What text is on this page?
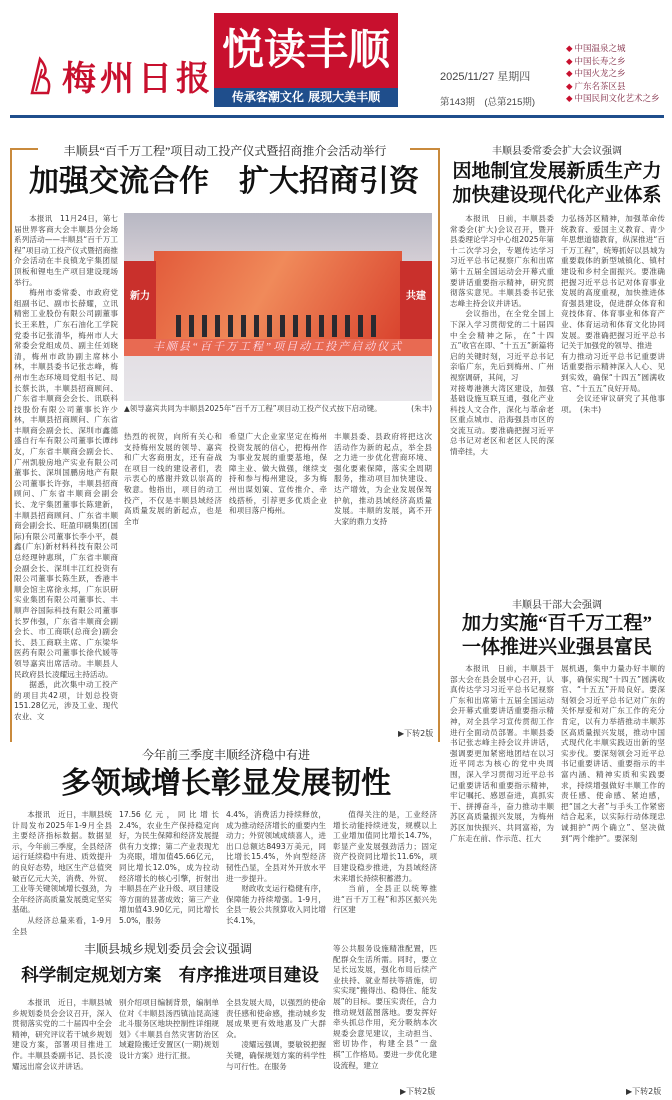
梅州日报
悦读丰顺
传承客潮文化 展现大美丰顺
2025/11/27 星期四
第143期　(总第215期)
◆ 中国温泉之城
◆ 中国长寿之乡
◆ 中国火龙之乡
◆ 广东名茶区县
◆ 中国民间文化艺术之乡
丰顺县“百千万工程”项目动工投产仪式暨招商推介会活动举行
加强交流合作　扩大招商引资

本报讯　11月24日，第七届世界客商大会丰顺县分会场系列活动——丰顺县“百千万工程”项目动工投产仪式暨招商推介会活动在丰良镇龙宇集团屋顶板和锂电生产项目建设现场举行。

梅州市委常委、市政府党组副书记、副市长薛耀，立讯精密工业股份有限公司副董事长王来胜，广东石油化工学院党委书记张清华，梅州市人大常委会党组成员、副主任刘晓清，梅州市政协副主席林小林，丰顺县委书记张志峰，梅州市生态环境局党组书记、局长蔡长洪，丰顺县招商顾问、广东省丰顺商会会长、讯联科技股份有限公司董事长许少林，丰顺县招商顾问、广东省丰顺商会副会长、深圳市鑫德盛自行车有限公司董事长谭纬友，广东省丰顺商会副会长、广州凯骏房地产实业有限公司董事长、深圳国鹏房地产有限公司董事长许弥，丰顺县招商顾问、广东省丰顺商会副会长、龙宇集团董事长陈建新，丰顺县招商顾问、广东省丰顺商会副会长、旺盈印刷集团(国际)有限公司董事长李小平，晨鑫(广东)新材料科技有限公司总经理钟惠琪，广东省丰顺商会副会长、深圳丰江红投资有限公司董事长陈生跃，香港丰顺会馆主席徐永邦，广东识研实业集团有限公司董事长、丰顺声谷国际科技有限公司董事长罗伟强，广东省丰顺商会副会长、市工商联(总商会)副会长、县工商联主席、广东梁华医药有限公司董事长徐代媛等领导嘉宾出席活动。丰顺县人民政府县长凌耀远主持活动。

据悉，此次集中动工投产的项目共42项，计划总投资151.28亿元，涉及工业、现代农业、文

新力	共建
丰顺县“百千万工程”项目动工投产启动仪式
▲领导嘉宾共同为丰顺县2025年“百千万工程”项目动工投产仪式按下启动键。	(朱丰)

热烈的祝贺，向所有关心和支持梅州发展的领导、嘉宾和广大客商朋友，还有奋战在项目一线的建设者们，表示衷心的感谢并致以崇高的敬意。他指出，项目的动工投产，不仅是丰顺县域经济高质量发展的新起点，也是全市

希望广大企业家坚定在梅州投资发展的信心，把梅州作为事业发展的重要基地，保障主业、做大做强，继续支持和参与梅州建设，多为梅州出谋划策、宣传推介、牵线搭桥，引荐更多优质企业和项目落户梅州。

丰顺县委、县政府将把这次活动作为新的起点，举全县之力进一步优化营商环境、强化要素保障，落实全周期服务，推动项目加快建设、达产增效，为企业发展保驾护航，推动县域经济高质量发展。丰顺的发展，离不开大家的鼎力支持

▶下转2版
丰顺县委常委会扩大会议强调
因地制宜发展新质生产力
加快建设现代化产业体系

本报讯　日前，丰顺县委常委会(扩大)会议召开，暨开县委理论学习中心组2025年第十二次学习会，专题传达学习习近平总书记视察广东和出席第十五届全国运动会开幕式重要讲话重要指示精神，研究贯彻落实意见。丰顺县委书记张志峰主持会议并讲话。

会议指出，在全党全国上下深入学习贯彻党的二十届四中全会精神之际，在“十四五”收官在即、“十五五”新篇将启的关键时刻，习近平总书记亲临广东，先后到梅州、广州视察调研，其间，习

对接粤港澳大湾区建设，加强基础设施互联互通，强化产业科技人文合作，深化与革命老区重点城市、沿海强县市区的交流互动。要准确把握习近平总书记对老区和老区人民的深情牵挂，大

力弘扬苏区精神，加强革命传统教育、爱国主义教育、青少年思想道德教育，纵深推进“百千万工程”，统筹抓好以县城为重要载体的新型城镇化、镇村建设和乡村全面振兴。要准确把握习近平总书记对体育事业发展的高度重视，加快推进体育强县建设，促进群众体育和竞技体育、体育事业和体育产业、体育运动和体育文化协同发展。要准确把握习近平总书记关于加强党的领导、推进

有力推动习近平总书记重要讲话重要指示精神深入人心、见到实效，确保“十四五”圆满收官、“十五五”良好开局。

会议还审议研究了其他事项。　(朱丰)

丰顺县干部大会强调
加力实施“百千万工程”
一体推进兴业强县富民

本报讯　日前，丰顺县干部大会在县会展中心召开，认真传达学习习近平总书记视察广东和出席第十五届全国运动会开幕式重要讲话重要指示精神，对全县学习宣传贯彻工作进行全面动员部署。丰顺县委书记张志峰主持会议并讲话，强调要更加紧密地团结在以习近平同志为核心的党中央周围，深入学习贯彻习近平总书记重要讲话和重要指示精神，牢记嘱托、感恩奋进，真抓实干、拼搏奋斗，奋力推动丰顺苏区高质量振兴发展，为梅州苏区加快振兴、共同富裕，为广东走在前、作示范、扛大

展机遇，集中力量办好丰顺的事，确保实现“十四五”圆满收官、“十五五”开局良好。要深刻领会习近平总书记对广东的关怀厚爱和对广东工作的充分肯定，以有力举措推动丰顺苏区高质量振兴发展，推动中国式现代化丰顺实践迈出新的坚实步伐。要深刻领会习近平总书记重要讲话、重要指示的丰富内涵、精神实质和实践要求，持续增强做好丰顺工作的责任感、使命感、紧迫感，把“国之大者”与手头工作紧密结合起来，以实际行动体现忠诚拥护“两个确立”、坚决做到“两个维护”。要深刻

▶下转2版
今年前三季度丰顺经济稳中有进
多领域增长彰显发展韧性

本报讯　近日，丰顺县统计局发布2025年1-9月全县主要经济指标数据。数据显示，今年前三季度，全县经济运行延续稳中有进、质效提升的良好态势，地区生产总值突破百亿元大关，消费、外贸、工业等关键领域增长强劲，为全年经济高质量发展奠定坚实基础。

从经济总量来看，1-9月全县

17.56亿元，同比增长2.4%，农业生产保持稳定向好，为民生保障和经济发展提供有力支撑；第二产业表现尤为亮眼，增加值45.66亿元，同比增长12.0%，成为拉动经济增长的核心引擎，折射出丰顺县在产业升级、项目建设等方面的显著成效；第三产业增加值43.90亿元，同比增长5.0%，服务

4.4%，消费活力持续释放，成为推动经济增长的重要内生动力；外贸领域成绩喜人，进出口总额达8493万美元，同比增长15.4%，外向型经济韧性凸显，全县对外开放水平进一步提升。

财政收支运行稳健有序，保障能力持续增强。1-9月，全县一般公共预算收入同比增长4.1%，

值得关注的是，工业经济增长动能持续迸发，规模以上工业增加值同比增长14.7%，彰显产业发展强劲活力；固定资产投资同比增长11.6%，项目建设稳步推进，为县域经济未来增长持续积蓄潜力。

当前，全县正以统筹推进“百千万工程”和苏区振兴先行区建

丰顺县城乡规划委员会会议强调
科学制定规划方案　有序推进项目建设

本报讯　近日，丰顺县城乡规划委员会会议召开，深入贯彻落实党的二十届四中全会精神，研究评议若干城乡规划建设方案，部署项目推进工作。丰顺县委副书记、县长凌耀远出席会议并讲话。

别介绍项目编制背景，编制单位对《丰顺县汤西镇汕昆高速北斗服务区地块控制性详细规划》《丰顺县自然灾害防治区域避险搬迁安置区(一期)规划设计方案》进行汇报。

全县发展大局，以强烈的使命责任感和使命感，推动城乡发展成果更有效地惠及广大群众。

凌耀远强调，要敏锐把握关键，确保规划方案的科学性与可行性。在服务

等公共服务设施精准配置，匹配群众生活所需。同时，要立足长远发展，强化布局后续产业扶持、就业帮扶等措施，切实实现“搬得出、稳得住、能发展”的目标。要压实责任，合力推动规划蓝图落地。要发挥好牵头抓总作用，充分吸纳本次规委会意见建议，主动担当、密切协作，构建全县“一盘棋”工作格局。要进一步优化建设流程，建立

▶下转2版
